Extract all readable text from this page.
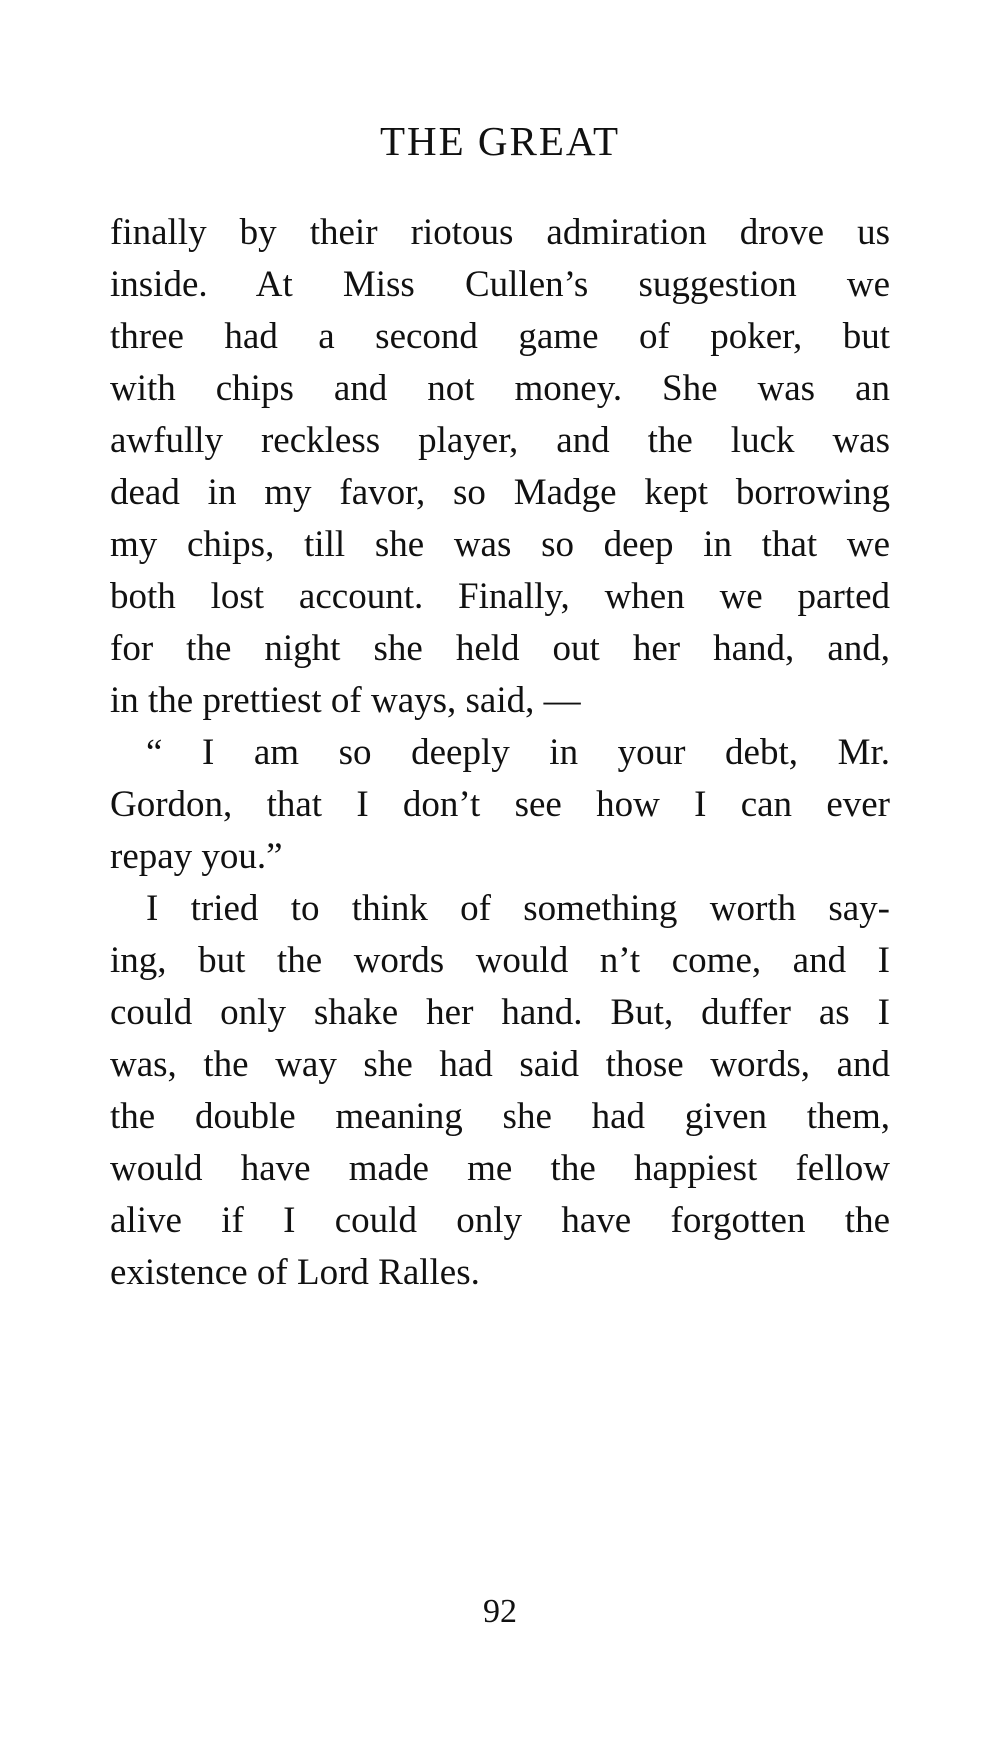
THE GREAT
finally by their riotous admiration drove us
inside. At Miss Cullen’s suggestion we
three had a second game of poker, but
with chips and not money. She was an
awfully reckless player, and the luck was
dead in my favor, so Madge kept borrowing
my chips, till she was so deep in that we
both lost account. Finally, when we parted
for the night she held out her hand, and,
in the prettiest of ways, said, —
“ I am so deeply in your debt, Mr.
Gordon, that I don’t see how I can ever
repay you.”
I tried to think of something worth say-
ing, but the words would n’t come, and I
could only shake her hand. But, duffer as I
was, the way she had said those words, and
the double meaning she had given them,
would have made me the happiest fellow
alive if I could only have forgotten the
existence of Lord Ralles.
92
